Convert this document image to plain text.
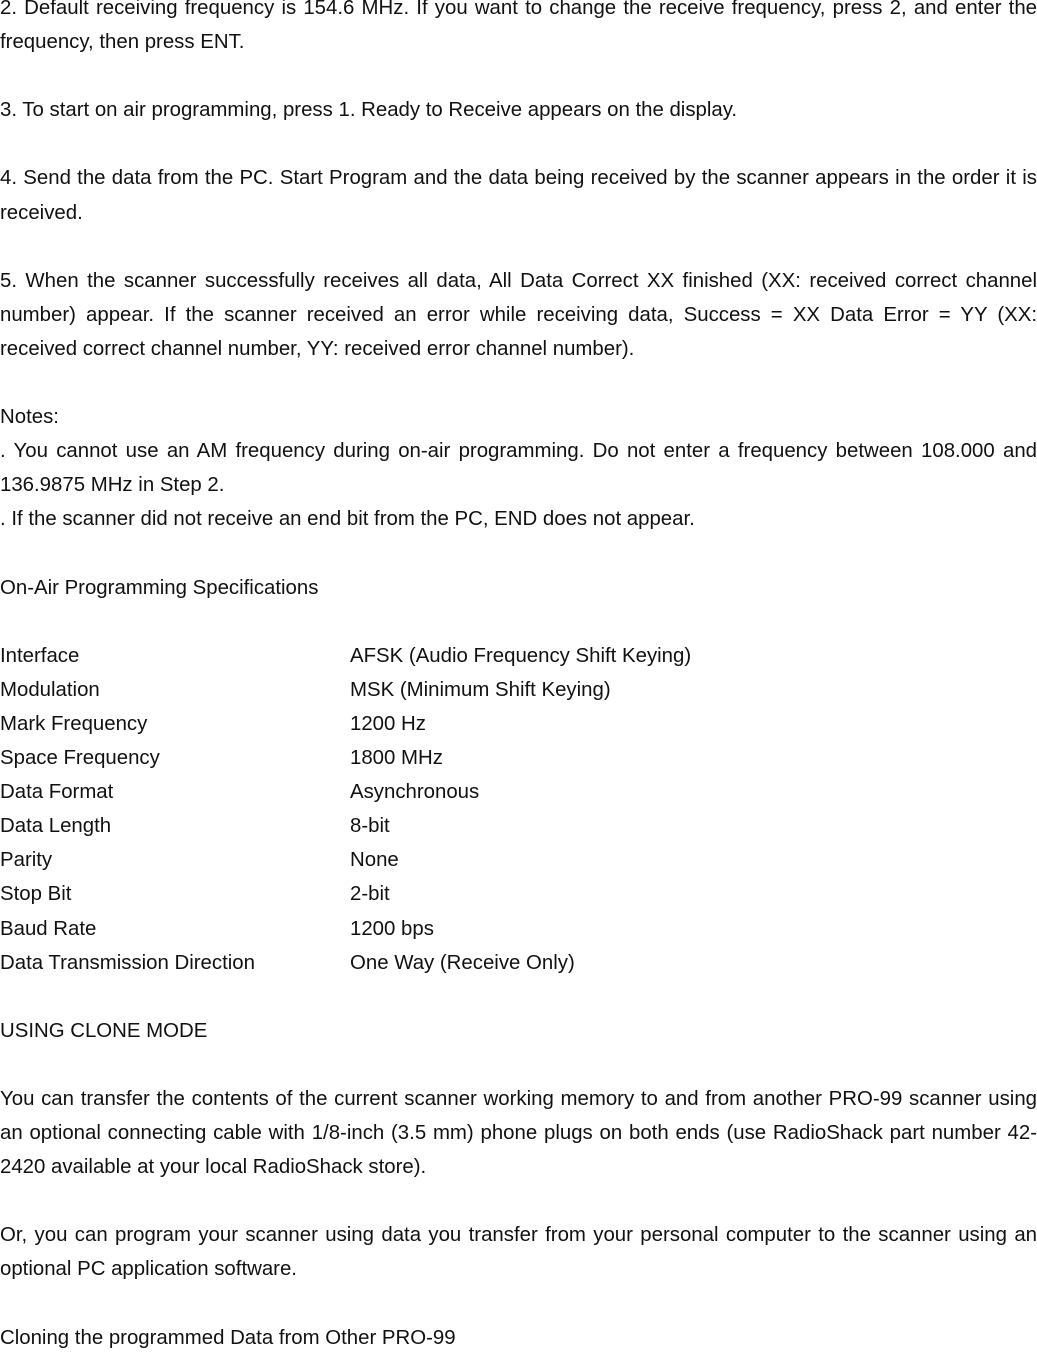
2. Default receiving frequency is 154.6 MHz. If you want to change the receive frequency, press 2, and enter the frequency, then press ENT.

3. To start on air programming, press 1. Ready to Receive appears on the display.

4. Send the data from the PC. Start Program and the data being received by the scanner appears in the order it is received.

5. When the scanner successfully receives all data, All Data Correct XX finished (XX: received correct channel number) appear. If the scanner received an error while receiving data, Success = XX Data Error = YY (XX: received correct channel number, YY: received error channel number).

Notes:

. You cannot use an AM frequency during on-air programming. Do not enter a frequency between 108.000 and 136.9875 MHz in Step 2.

. If the scanner did not receive an end bit from the PC, END does not appear.

On-Air Programming Specifications

Interface	AFSK (Audio Frequency Shift Keying)
Modulation	MSK (Minimum Shift Keying)
Mark Frequency	1200 Hz
Space Frequency	1800 MHz
Data Format	Asynchronous
Data Length	8-bit
Parity	None
Stop Bit	2-bit
Baud Rate	1200 bps
Data Transmission Direction	One Way (Receive Only)

USING CLONE MODE

You can transfer the contents of the current scanner working memory to and from another PRO-99 scanner using an optional connecting cable with 1/8-inch (3.5 mm) phone plugs on both ends (use RadioShack part number 42-2420 available at your local RadioShack store).

Or, you can program your scanner using data you transfer from your personal computer to the scanner using an optional PC application software.

Cloning the programmed Data from Other PRO-99
